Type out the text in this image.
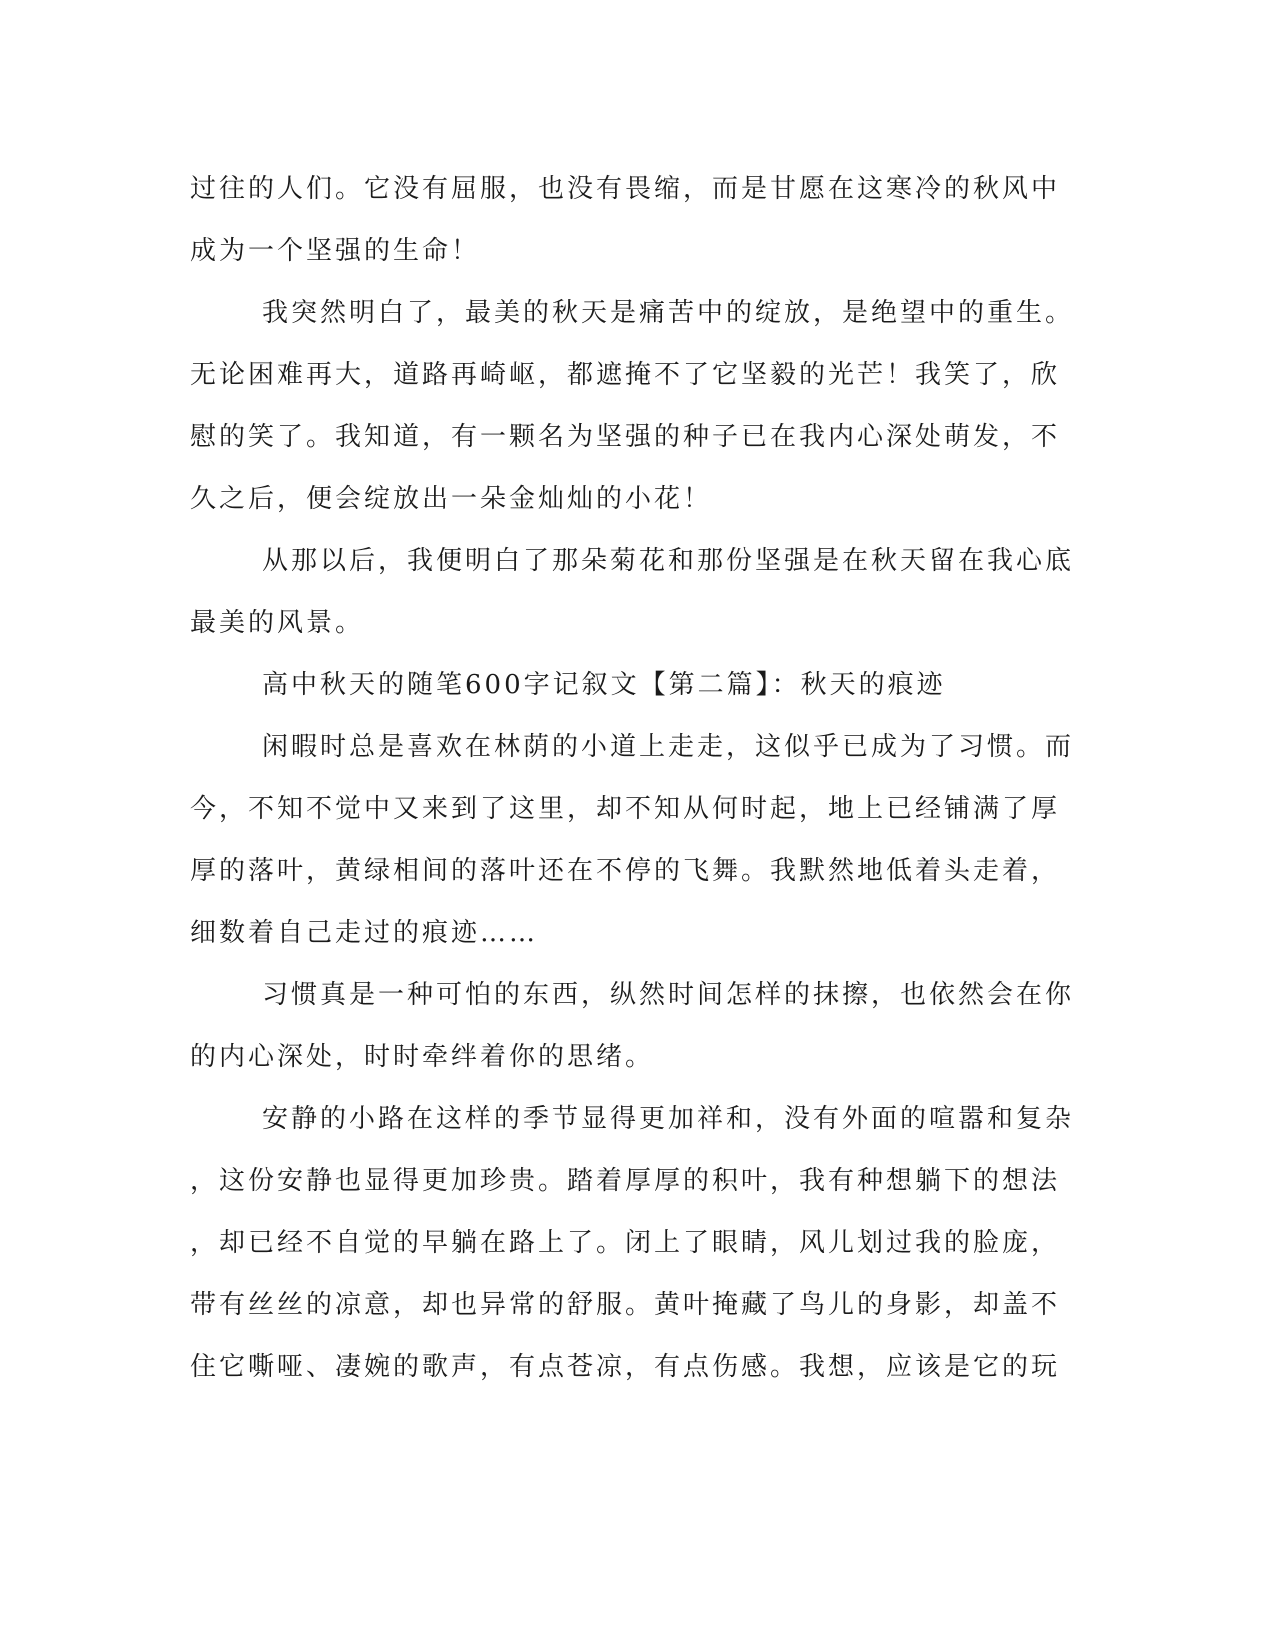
过往的人们。它没有屈服，也没有畏缩，而是甘愿在这寒冷的秋风中
成为一个坚强的生命！
我突然明白了，最美的秋天是痛苦中的绽放，是绝望中的重生。
无论困难再大，道路再崎岖，都遮掩不了它坚毅的光芒！我笑了，欣
慰的笑了。我知道，有一颗名为坚强的种子已在我内心深处萌发，不
久之后，便会绽放出一朵金灿灿的小花！
从那以后，我便明白了那朵菊花和那份坚强是在秋天留在我心底
最美的风景。
高中秋天的随笔600字记叙文【第二篇】：秋天的痕迹
闲暇时总是喜欢在林荫的小道上走走，这似乎已成为了习惯。而
今，不知不觉中又来到了这里，却不知从何时起，地上已经铺满了厚
厚的落叶，黄绿相间的落叶还在不停的飞舞。我默然地低着头走着，
细数着自己走过的痕迹……
习惯真是一种可怕的东西，纵然时间怎样的抹擦，也依然会在你
的内心深处，时时牵绊着你的思绪。
安静的小路在这样的季节显得更加祥和，没有外面的喧嚣和复杂
，这份安静也显得更加珍贵。踏着厚厚的积叶，我有种想躺下的想法
，却已经不自觉的早躺在路上了。闭上了眼睛，风儿划过我的脸庞，
带有丝丝的凉意，却也异常的舒服。黄叶掩藏了鸟儿的身影，却盖不
住它嘶哑、凄婉的歌声，有点苍凉，有点伤感。我想，应该是它的玩
